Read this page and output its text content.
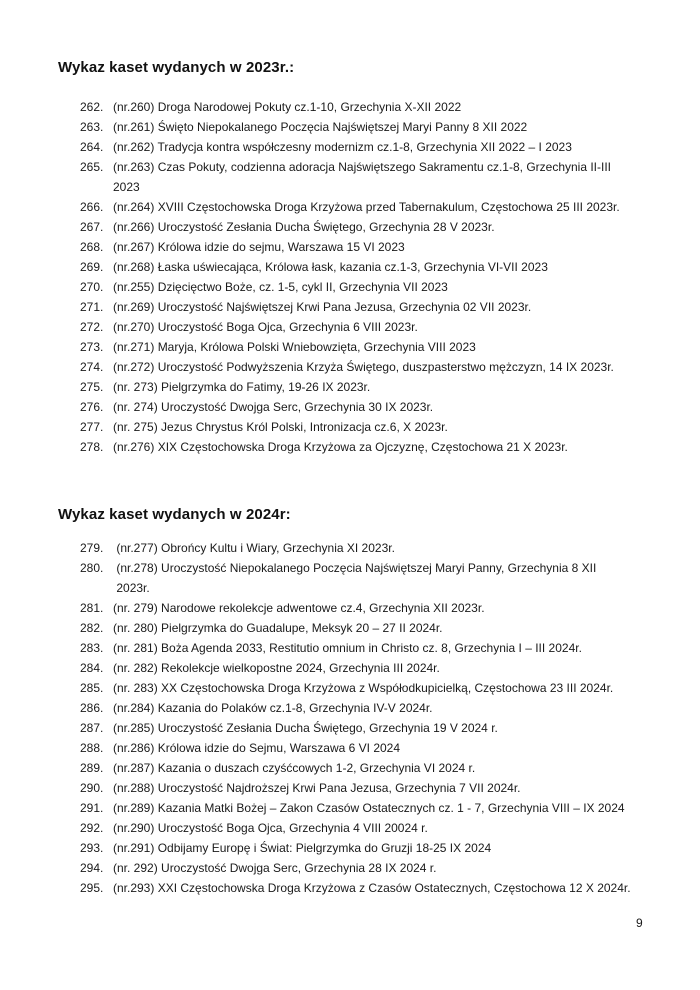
Wykaz kaset wydanych w 2023r.:
262. (nr.260) Droga Narodowej Pokuty cz.1-10, Grzechynia X-XII 2022
263. (nr.261) Święto Niepokalanego Poczęcia Najświętszej Maryi Panny 8 XII 2022
264. (nr.262) Tradycja kontra współczesny modernizm cz.1-8, Grzechynia XII 2022 – I 2023
265. (nr.263) Czas Pokuty, codzienna adoracja Najświętszego Sakramentu cz.1-8, Grzechynia II-III
2023
266. (nr.264) XVIII Częstochowska Droga Krzyżowa przed Tabernakulum, Częstochowa 25 III 2023r.
267. (nr.266) Uroczystość Zesłania Ducha Świętego, Grzechynia 28 V 2023r.
268. (nr.267) Królowa idzie do sejmu, Warszawa 15 VI 2023
269. (nr.268) Łaska uświecająca, Królowa łask, kazania cz.1-3, Grzechynia VI-VII 2023
270. (nr.255) Dzięcięctwo Boże, cz. 1-5, cykl II, Grzechynia VII 2023
271. (nr.269) Uroczystość Najświętszej Krwi Pana Jezusa, Grzechynia 02 VII 2023r.
272. (nr.270) Uroczystość Boga Ojca, Grzechynia 6 VIII 2023r.
273. (nr.271) Maryja, Królowa Polski Wniebowzięta, Grzechynia VIII 2023
274. (nr.272) Uroczystość Podwyższenia Krzyża Świętego, duszpasterstwo mężczyzn, 14 IX 2023r.
275. (nr. 273) Pielgrzymka do Fatimy, 19-26 IX 2023r.
276. (nr. 274) Uroczystość Dwojga Serc, Grzechynia 30 IX 2023r.
277. (nr. 275) Jezus Chrystus Król Polski, Intronizacja cz.6, X 2023r.
278. (nr.276) XIX Częstochowska Droga Krzyżowa za Ojczyznę, Częstochowa 21 X 2023r.
Wykaz kaset wydanych w 2024r:
279. (nr.277) Obrońcy Kultu i Wiary, Grzechynia XI 2023r.
280.	(nr.278) Uroczystość Niepokalanego Poczęcia Najświętszej Maryi Panny, Grzechynia 8 XII
2023r.
281. (nr. 279) Narodowe rekolekcje adwentowe cz.4, Grzechynia XII 2023r.
282. (nr. 280) Pielgrzymka do Guadalupe, Meksyk 20 – 27 II 2024r.
283. (nr. 281) Boża Agenda 2033, Restitutio omnium in Christo cz. 8, Grzechynia I – III 2024r.
284. (nr. 282) Rekolekcje wielkopostne 2024, Grzechynia III 2024r.
285. (nr. 283) XX Częstochowska Droga Krzyżowa z Współodkupicielką, Częstochowa 23 III 2024r.
286. (nr.284) Kazania do Polaków cz.1-8, Grzechynia IV-V 2024r.
287. (nr.285) Uroczystość Zesłania Ducha Świętego, Grzechynia 19 V 2024 r.
288. (nr.286) Królowa idzie do Sejmu, Warszawa 6 VI 2024
289. (nr.287) Kazania o duszach czyśćcowych 1-2, Grzechynia VI 2024 r.
290. (nr.288) Uroczystość Najdroższej Krwi Pana Jezusa, Grzechynia 7 VII 2024r.
291. (nr.289) Kazania Matki Bożej – Zakon Czasów Ostatecznych cz. 1 - 7, Grzechynia VIII – IX 2024
292. (nr.290) Uroczystość Boga Ojca, Grzechynia 4 VIII 20024 r.
293. (nr.291) Odbijamy Europę i Świat: Pielgrzymka do Gruzji 18-25 IX 2024
294. (nr. 292) Uroczystość Dwojga Serc, Grzechynia 28 IX 2024 r.
295. (nr.293) XXI Częstochowska Droga Krzyżowa z Czasów Ostatecznych, Częstochowa 12 X 2024r.
9
